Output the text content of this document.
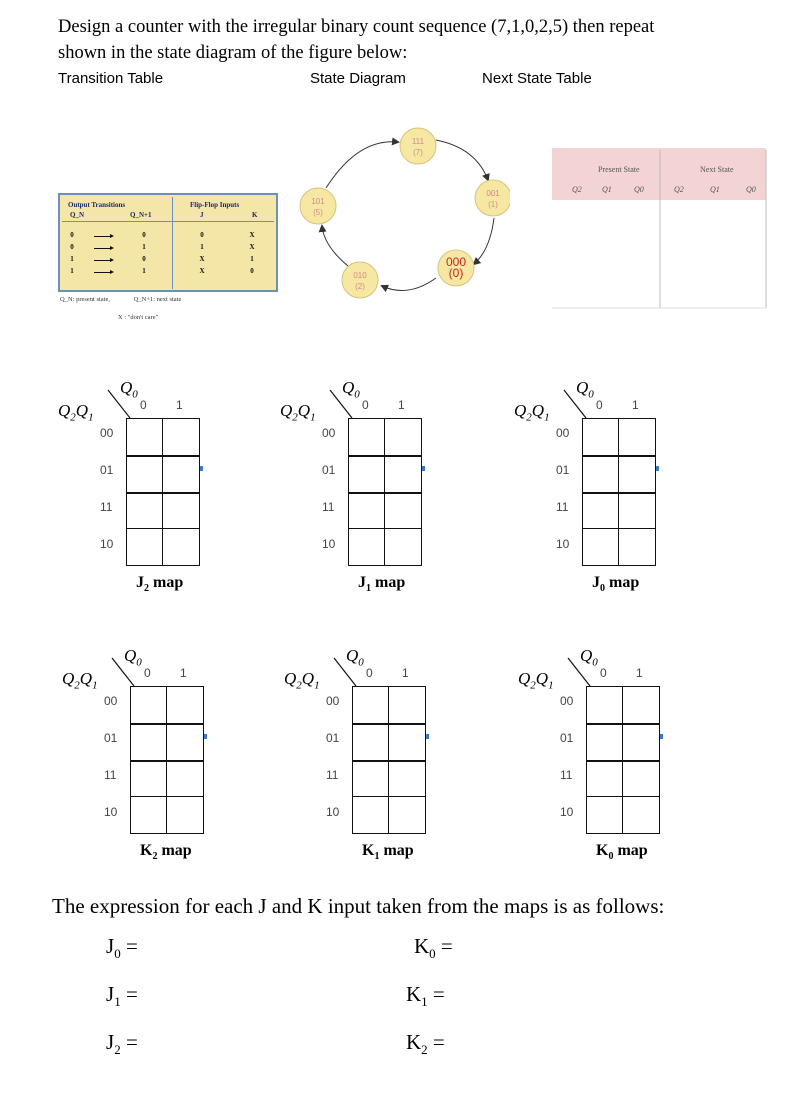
Design a counter with the irregular binary count sequence (7,1,0,2,5) then repeat
shown in the state diagram of the figure below:
Transition Table	State Diagram	Next State Table
Output Transitions	Flip-Flop Inputs
Q_N	Q_N+1	J	K
0	0	0	X
0	1	1	X
1	0	X	1
1	1	X	0
Q_N: present state,	Q_N+1: next state
X : "don't care"
111
(7)
001
(1)
000
(0)
010
(2)
101
(5)
Present State	Next State
Q2	Q1	Q0	Q2	Q1	Q0
$Q_0$
$Q_2Q_1$
0 1
00
01
11
10
$J_2$ map
$Q_0$
$Q_2Q_1$
0 1
00
01
11
10
$J_1$ map
$Q_0$
$Q_2Q_1$
0 1
00
01
11
10
$J_0$ map
$Q_0$
$Q_2Q_1$
0 1
00
01
11
10
$K_2$ map
$Q_0$
$Q_2Q_1$
0 1
00
01
11
10
$K_1$ map
$Q_0$
$Q_2Q_1$
0 1
00
01
11
10
$K_0$ map
The expression for each J and K input taken from the maps is as follows:
$J_0$ =	$K_0$ =
$J_1$ =	$K_1$ =
$J_2$ =	$K_2$ =
